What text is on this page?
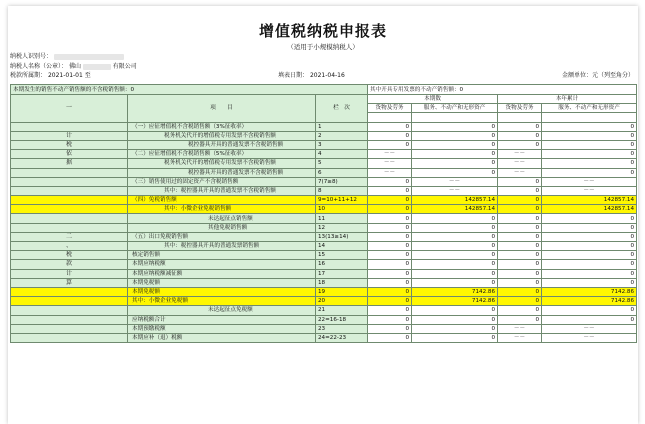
增值税纳税申报表
（适用于小规模纳税人）
纳税人识别号：
纳税人名称（公章）： 佛山	有限公司
税款所属期： 2021-01-01 至	填表日期： 2021-04-16	金额单位：元（列至角分）
本期发生的销售不动产销售额的不含税销售额：0			其中开具专用发票的不动产销售额：0			

一	项　　目	栏　次	本期数		本年累计	
			货物及劳务	服务、不动产和无形资产	货物及劳务	服务、不动产和无形资产

	（一）应征增值税不含税销售额（3%征收率）	1	0	0	0	0
计	税务机关代开的增值税专用发票不含税销售额	2	0	0	0	0
税	税控器具开具的普通发票不含税销售额	3	0	0	0	0
依	（二）应征增值税不含税销售额（5%征收率）	4	－－	0	－－	0
据	税务机关代开的增值税专用发票不含税销售额	5	－－	0	－－	0
	税控器具开具的普通发票不含税销售额	6	－－	0	－－	0
	（三）销售使用过的固定资产不含税销售额	7(7≥8)	0	－－	0	－－
	其中：税控器具开具的普通发票不含税销售额	8	0	－－	0	－－
	（四）免税销售额	9=10+11+12	0	142857.14	0	142857.14
	其中：小微企业免税销售额	10	0	142857.14	0	142857.14
	未达起征点销售额	11	0	0	0	0
	其他免税销售额	12	0	0	0	0
二	（五）出口免税销售额	13(13≥14)	0	0	0	0
、	其中：税控器具开具的普通发票销售额	14	0	0	0	0
税	核定销售额	15	0	0	0	0
款	本期应纳税额	16	0	0	0	0
计	本期应纳税额减征额	17	0	0	0	0
算	本期免税额	18	0	0	0	0
	本期免税额	19	0	7142.86	0	7142.86
	其中：小微企业免税额	20	0	7142.86	0	7142.86
	未达起征点免税额	21	0	0	0	0
	应纳税额合计	22=16-18	0	0	0	0
	本期预缴税额	23	0	0	－－	－－
	本期应补（退）税额	24=22-23	0	0	－－	－－
